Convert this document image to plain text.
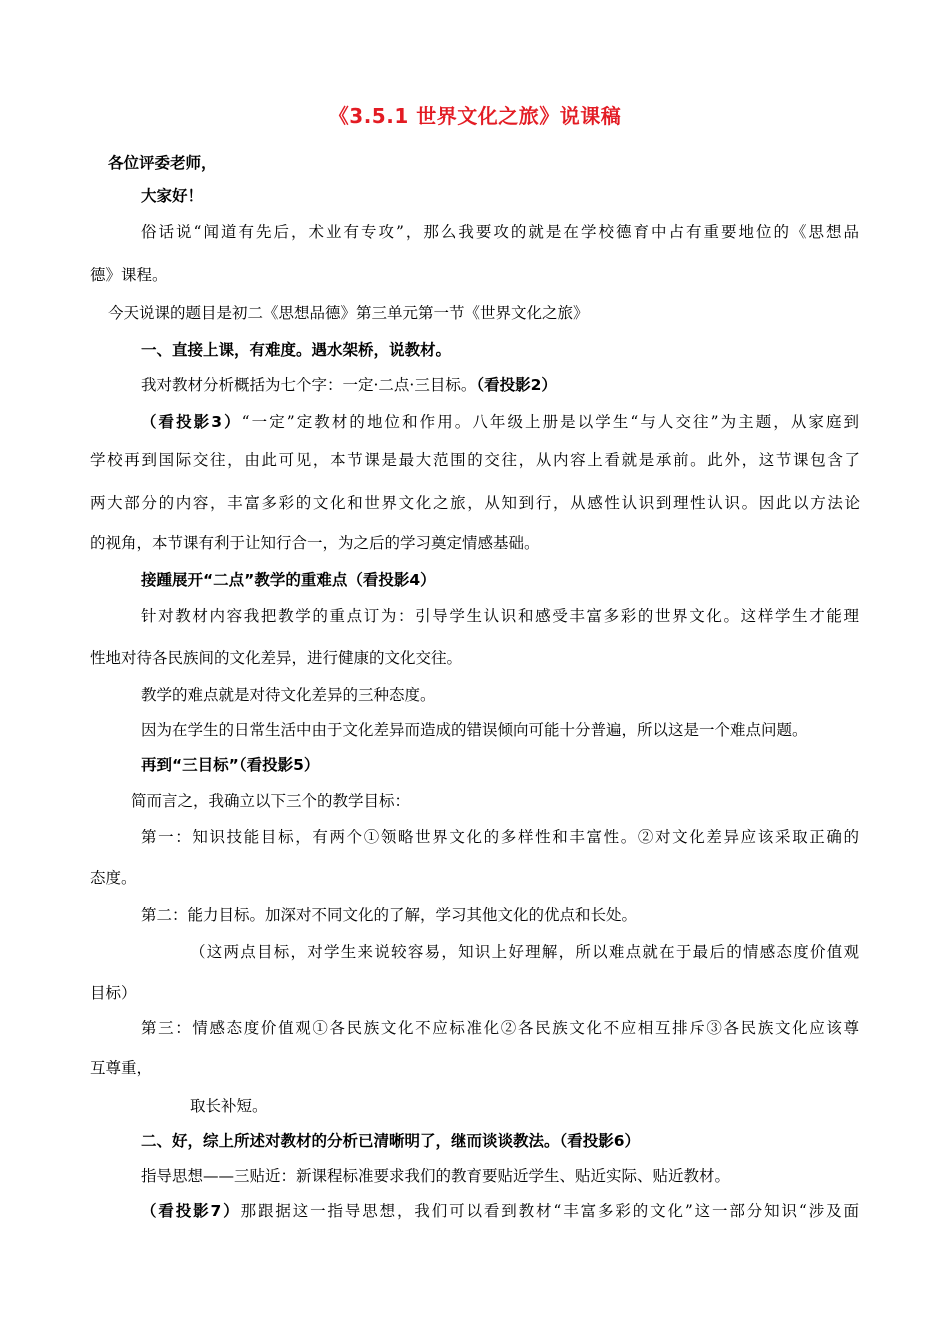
《3.5.1 世界文化之旅》说课稿
各位评委老师，
大家好！
俗话说“闻道有先后，术业有专攻”，那么我要攻的就是在学校德育中占有重要地位的《思想品
德》课程。
今天说课的题目是初二《思想品德》第三单元第一节《世界文化之旅》
一、直接上课，有难度。遇水架桥，说教材。
我对教材分析概括为七个字：一定·二点·三目标。（看投影2）
（看投影3）“一定”定教材的地位和作用。八年级上册是以学生“与人交往”为主题，从家庭到
学校再到国际交往，由此可见，本节课是最大范围的交往，从内容上看就是承前。此外，这节课包含了
两大部分的内容，丰富多彩的文化和世界文化之旅，从知到行，从感性认识到理性认识。因此以方法论
的视角，本节课有利于让知行合一，为之后的学习奠定情感基础。
接踵展开“二点”教学的重难点（看投影4）
针对教材内容我把教学的重点订为：引导学生认识和感受丰富多彩的世界文化。这样学生才能理
性地对待各民族间的文化差异，进行健康的文化交往。
教学的难点就是对待文化差异的三种态度。
因为在学生的日常生活中由于文化差异而造成的错误倾向可能十分普遍，所以这是一个难点问题。
再到“三目标”（看投影5）
简而言之，我确立以下三个的教学目标：
第一：知识技能目标，有两个①领略世界文化的多样性和丰富性。②对文化差异应该采取正确的
态度。
第二：能力目标。加深对不同文化的了解，学习其他文化的优点和长处。
（这两点目标，对学生来说较容易，知识上好理解，所以难点就在于最后的情感态度价值观
目标）
第三：情感态度价值观①各民族文化不应标准化②各民族文化不应相互排斥③各民族文化应该尊
互尊重，
取长补短。
二、好，综上所述对教材的分析已清晰明了，继而谈谈教法。（看投影6）
指导思想——三贴近：新课程标准要求我们的教育要贴近学生、贴近实际、贴近教材。
（看投影7）那跟据这一指导思想，我们可以看到教材“丰富多彩的文化”这一部分知识“涉及面
